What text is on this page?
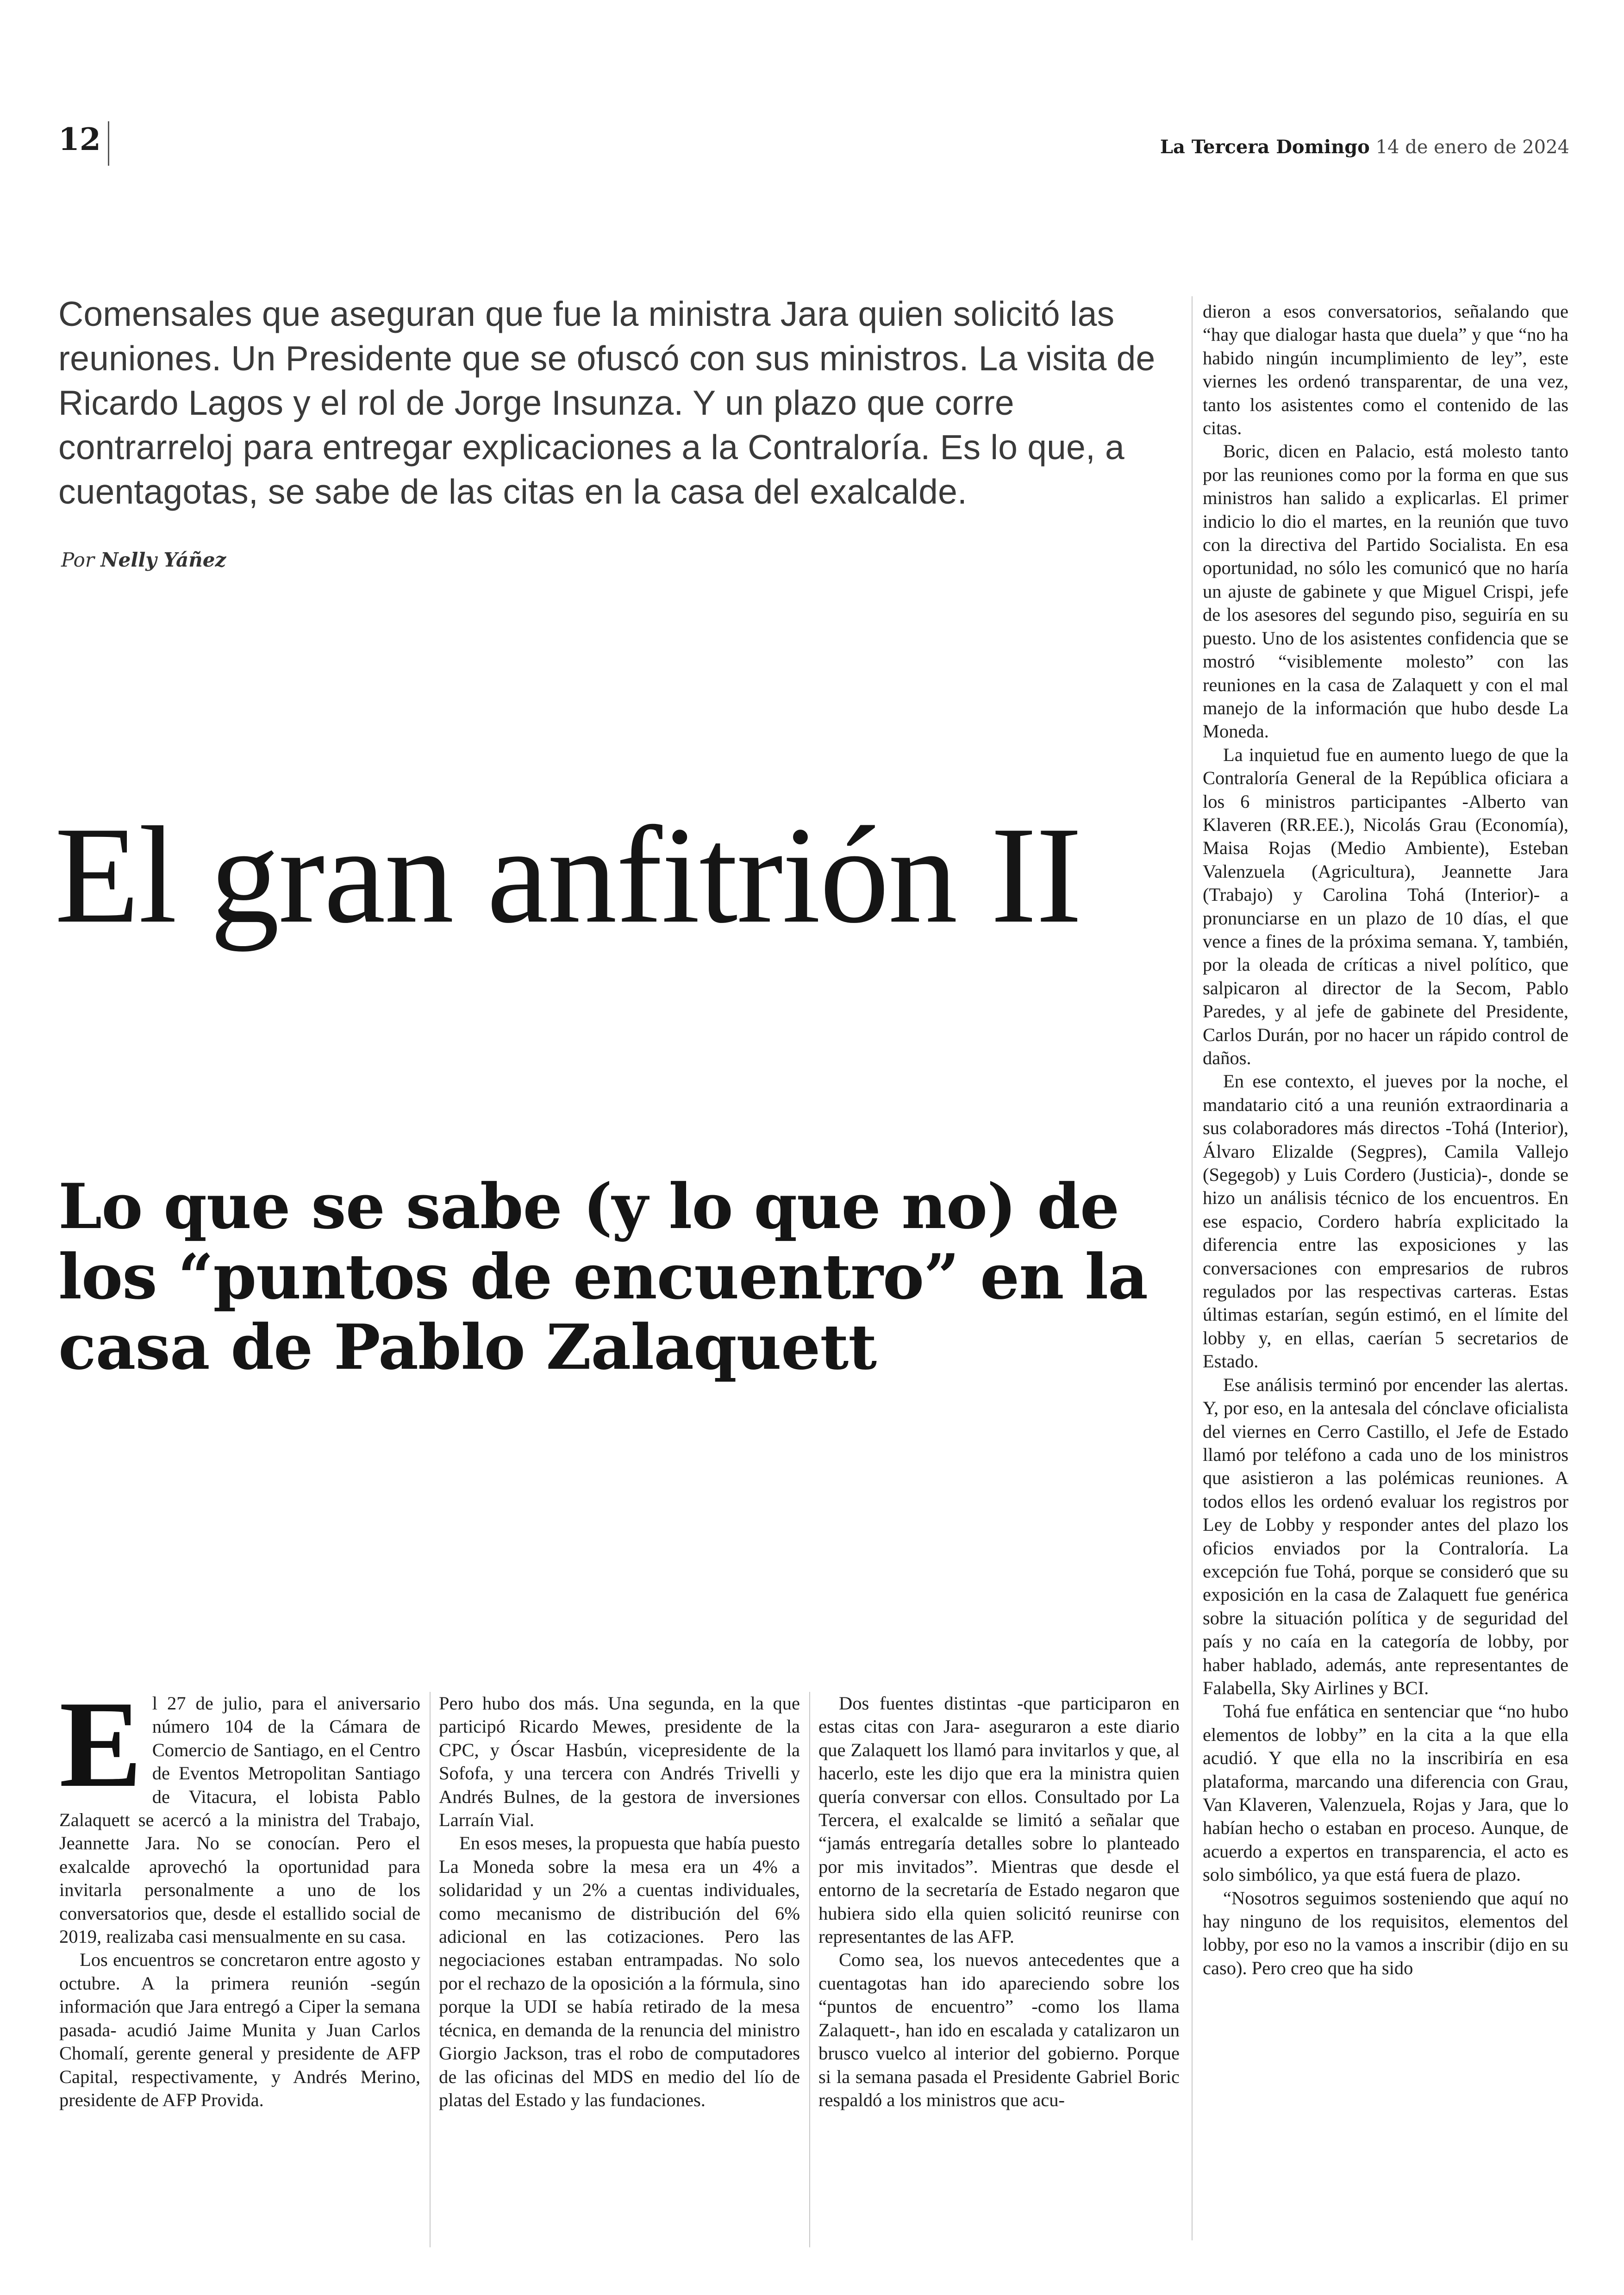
12	La Tercera Domingo 14 de enero de 2024
Comensales que aseguran que fue la ministra Jara quien solicitó las reuniones. Un Presidente que se ofuscó con sus ministros. La visita de Ricardo Lagos y el rol de Jorge Insunza. Y un plazo que corre contrarreloj para entregar explicaciones a la Contraloría. Es lo que, a cuentagotas, se sabe de las citas en la casa del exalcalde.
Por Nelly Yáñez
El gran anfitrión II
Lo que se sabe (y lo que no) de los “puntos de encuentro” en la casa de Pablo Zalaquett

El 27 de julio, para el aniversario número 104 de la Cámara de Comercio de Santiago, en el Centro de Eventos Metropolitan Santiago de Vitacura, el lobista Pablo Zalaquett se acercó a la ministra del Trabajo, Jeannette Jara. No se conocían. Pero el exalcalde aprovechó la oportunidad para invitarla personalmente a uno de los conversatorios que, desde el estallido social de 2019, realizaba casi mensualmente en su casa.

Los encuentros se concretaron entre agosto y octubre. A la primera reunión -según información que Jara entregó a Ciper la semana pasada- acudió Jaime Munita y Juan Carlos Chomalí, gerente general y presidente de AFP Capital, respectivamente, y Andrés Merino, presidente de AFP Provida.

Pero hubo dos más. Una segunda, en la que participó Ricardo Mewes, presidente de la CPC, y Óscar Hasbún, vicepresidente de la Sofofa, y una tercera con Andrés Trivelli y Andrés Bulnes, de la gestora de inversiones Larraín Vial.

En esos meses, la propuesta que había puesto La Moneda sobre la mesa era un 4% a solidaridad y un 2% a cuentas individuales, como mecanismo de distribución del 6% adicional en las cotizaciones. Pero las negociaciones estaban entrampadas. No solo por el rechazo de la oposición a la fórmula, sino porque la UDI se había retirado de la mesa técnica, en demanda de la renuncia del ministro Giorgio Jackson, tras el robo de computadores de las oficinas del MDS en medio del lío de platas del Estado y las fundaciones.

Dos fuentes distintas -que participaron en estas citas con Jara- aseguraron a este diario que Zalaquett los llamó para invitarlos y que, al hacerlo, este les dijo que era la ministra quien quería conversar con ellos. Consultado por La Tercera, el exalcalde se limitó a señalar que “jamás entregaría detalles sobre lo planteado por mis invitados”. Mientras que desde el entorno de la secretaría de Estado negaron que hubiera sido ella quien solicitó reunirse con representantes de las AFP.

Como sea, los nuevos antecedentes que a cuentagotas han ido apareciendo sobre los “puntos de encuentro” -como los llama Zalaquett-, han ido en escalada y catalizaron un brusco vuelco al interior del gobierno. Porque si la semana pasada el Presidente Gabriel Boric respaldó a los ministros que acu-

dieron a esos conversatorios, señalando que “hay que dialogar hasta que duela” y que “no ha habido ningún incumplimiento de ley”, este viernes les ordenó transparentar, de una vez, tanto los asistentes como el contenido de las citas.

Boric, dicen en Palacio, está molesto tanto por las reuniones como por la forma en que sus ministros han salido a explicarlas. El primer indicio lo dio el martes, en la reunión que tuvo con la directiva del Partido Socialista. En esa oportunidad, no sólo les comunicó que no haría un ajuste de gabinete y que Miguel Crispi, jefe de los asesores del segundo piso, seguiría en su puesto. Uno de los asistentes confidencia que se mostró “visiblemente molesto” con las reuniones en la casa de Zalaquett y con el mal manejo de la información que hubo desde La Moneda.

La inquietud fue en aumento luego de que la Contraloría General de la República oficiara a los 6 ministros participantes -Alberto van Klaveren (RR.EE.), Nicolás Grau (Economía), Maisa Rojas (Medio Ambiente), Esteban Valenzuela (Agricultura), Jeannette Jara (Trabajo) y Carolina Tohá (Interior)- a pronunciarse en un plazo de 10 días, el que vence a fines de la próxima semana. Y, también, por la oleada de críticas a nivel político, que salpicaron al director de la Secom, Pablo Paredes, y al jefe de gabinete del Presidente, Carlos Durán, por no hacer un rápido control de daños.

En ese contexto, el jueves por la noche, el mandatario citó a una reunión extraordinaria a sus colaboradores más directos -Tohá (Interior), Álvaro Elizalde (Segpres), Camila Vallejo (Segegob) y Luis Cordero (Justicia)-, donde se hizo un análisis técnico de los encuentros. En ese espacio, Cordero habría explicitado la diferencia entre las exposiciones y las conversaciones con empresarios de rubros regulados por las respectivas carteras. Estas últimas estarían, según estimó, en el límite del lobby y, en ellas, caerían 5 secretarios de Estado.

Ese análisis terminó por encender las alertas. Y, por eso, en la antesala del cónclave oficialista del viernes en Cerro Castillo, el Jefe de Estado llamó por teléfono a cada uno de los ministros que asistieron a las polémicas reuniones. A todos ellos les ordenó evaluar los registros por Ley de Lobby y responder antes del plazo los oficios enviados por la Contraloría. La excepción fue Tohá, porque se consideró que su exposición en la casa de Zalaquett fue genérica sobre la situación política y de seguridad del país y no caía en la categoría de lobby, por haber hablado, además, ante representantes de Falabella, Sky Airlines y BCI.

Tohá fue enfática en sentenciar que “no hubo elementos de lobby” en la cita a la que ella acudió. Y que ella no la inscribiría en esa plataforma, marcando una diferencia con Grau, Van Klaveren, Valenzuela, Rojas y Jara, que lo habían hecho o estaban en proceso. Aunque, de acuerdo a expertos en transparencia, el acto es solo simbólico, ya que está fuera de plazo.

“Nosotros seguimos sosteniendo que aquí no hay ninguno de los requisitos, elementos del lobby, por eso no la vamos a inscribir (dijo en su caso). Pero creo que ha sido
